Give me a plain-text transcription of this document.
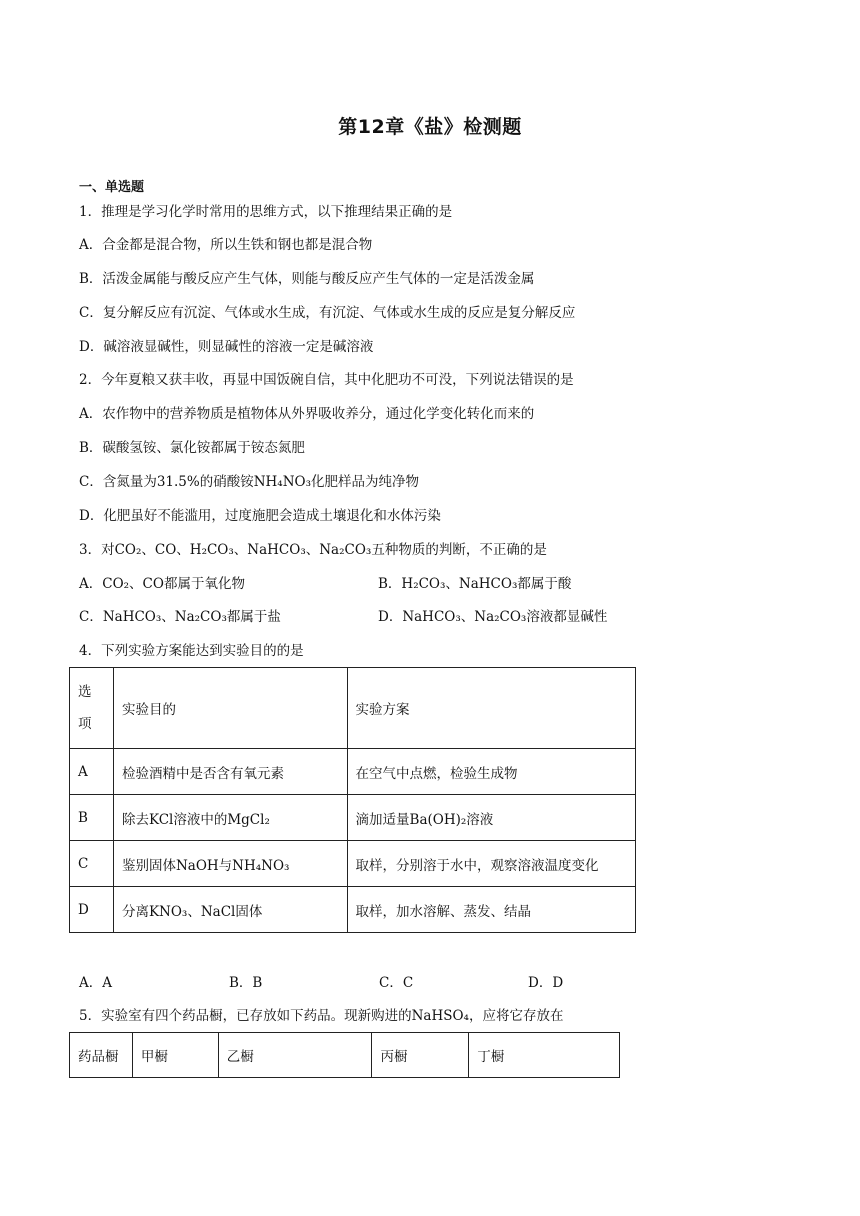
第12章《盐》检测题
一、单选题
1．推理是学习化学时常用的思维方式，以下推理结果正确的是
A．合金都是混合物，所以生铁和钢也都是混合物
B．活泼金属能与酸反应产生气体，则能与酸反应产生气体的一定是活泼金属
C．复分解反应有沉淀、气体或水生成，有沉淀、气体或水生成的反应是复分解反应
D．碱溶液显碱性，则显碱性的溶液一定是碱溶液
2．今年夏粮又获丰收，再显中国饭碗自信，其中化肥功不可没，下列说法错误的是
A．农作物中的营养物质是植物体从外界吸收养分，通过化学变化转化而来的
B．碳酸氢铵、氯化铵都属于铵态氮肥
C．含氮量为31.5%的硝酸铵NH₄NO₃化肥样品为纯净物
D．化肥虽好不能滥用，过度施肥会造成土壤退化和水体污染
3．对CO₂、CO、H₂CO₃、NaHCO₃、Na₂CO₃五种物质的判断，不正确的是
A．CO₂、CO都属于氧化物	B．H₂CO₃、NaHCO₃都属于酸
C．NaHCO₃、Na₂CO₃都属于盐	D．NaHCO₃、Na₂CO₃溶液都显碱性
4．下列实验方案能达到实验目的的是
选项	实验目的	实验方案
A	检验酒精中是否含有氧元素	在空气中点燃，检验生成物
B	除去KCl溶液中的MgCl₂	滴加适量Ba(OH)₂溶液
C	鉴别固体NaOH与NH₄NO₃	取样，分别溶于水中，观察溶液温度变化
D	分离KNO₃、NaCl固体	取样，加水溶解、蒸发、结晶
A．A	B．B	C．C	D．D
5．实验室有四个药品橱，已存放如下药品。现新购进的NaHSO₄，应将它存放在
药品橱	甲橱	乙橱	丙橱	丁橱
